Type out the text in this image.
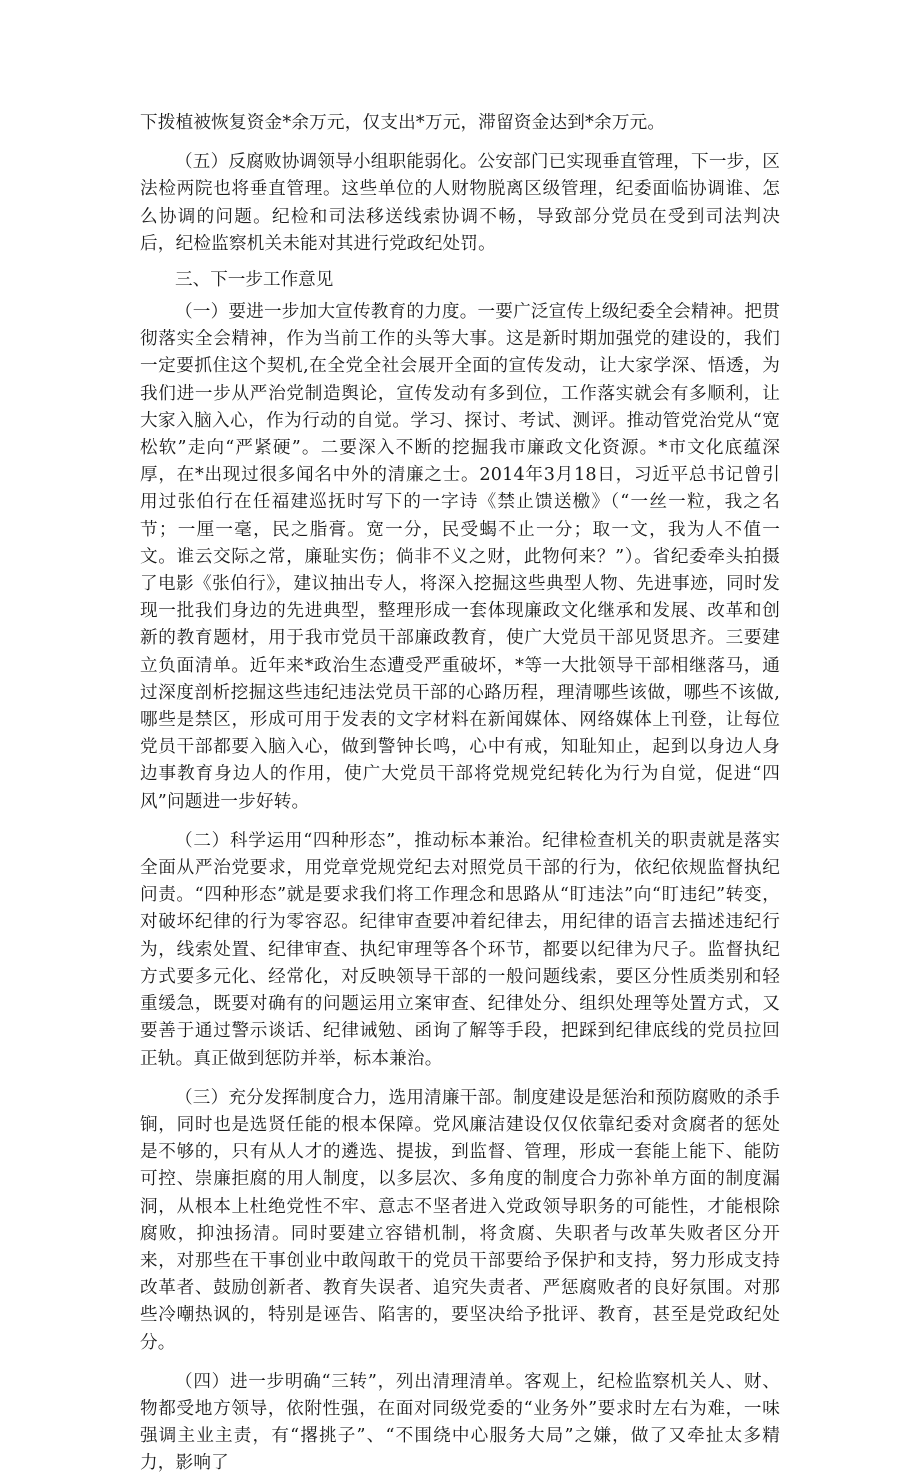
下拨植被恢复资金*余万元，仅支出*万元，滞留资金达到*余万元。

（五）反腐败协调领导小组职能弱化。公安部门已实现垂直管理，下一步，区法检两院也将垂直管理。这些单位的人财物脱离区级管理，纪委面临协调谁、怎么协调的问题。纪检和司法移送线索协调不畅，导致部分党员在受到司法判决后，纪检监察机关未能对其进行党政纪处罚。

三、下一步工作意见

（一）要进一步加大宣传教育的力度。一要广泛宣传上级纪委全会精神。把贯彻落实全会精神，作为当前工作的头等大事。这是新时期加强党的建设的，我们一定要抓住这个契机,在全党全社会展开全面的宣传发动，让大家学深、悟透，为我们进一步从严治党制造舆论，宣传发动有多到位，工作落实就会有多顺利，让大家入脑入心，作为行动的自觉。学习、探讨、考试、测评。推动管党治党从“宽松软”走向“严紧硬”。二要深入不断的挖掘我市廉政文化资源。*市文化底蕴深厚，在*出现过很多闻名中外的清廉之士。2014年3月18日，习近平总书记曾引用过张伯行在任福建巡抚时写下的一字诗《禁止馈送檄》（“一丝一粒，我之名节；一厘一毫，民之脂膏。宽一分，民受蝎不止一分；取一文，我为人不值一文。谁云交际之常，廉耻实伤；倘非不义之财，此物何来？”）。省纪委牵头拍摄了电影《张伯行》，建议抽出专人，将深入挖掘这些典型人物、先进事迹，同时发现一批我们身边的先进典型，整理形成一套体现廉政文化继承和发展、改革和创新的教育题材，用于我市党员干部廉政教育，使广大党员干部见贤思齐。三要建立负面清单。近年来*政治生态遭受严重破坏，*等一大批领导干部相继落马，通过深度剖析挖掘这些违纪违法党员干部的心路历程，理清哪些该做，哪些不该做,哪些是禁区，形成可用于发表的文字材料在新闻媒体、网络媒体上刊登，让每位党员干部都要入脑入心，做到警钟长鸣，心中有戒，知耻知止，起到以身边人身边事教育身边人的作用，使广大党员干部将党规党纪转化为行为自觉，促进“四风”问题进一步好转。

（二）科学运用“四种形态”，推动标本兼治。纪律检查机关的职责就是落实全面从严治党要求，用党章党规党纪去对照党员干部的行为，依纪依规监督执纪问责。“四种形态”就是要求我们将工作理念和思路从“盯违法”向“盯违纪”转变，对破坏纪律的行为零容忍。纪律审查要冲着纪律去，用纪律的语言去描述违纪行为，线索处置、纪律审查、执纪审理等各个环节，都要以纪律为尺子。监督执纪方式要多元化、经常化，对反映领导干部的一般问题线索，要区分性质类别和轻重缓急，既要对确有的问题运用立案审查、纪律处分、组织处理等处置方式，又要善于通过警示谈话、纪律诫勉、函询了解等手段，把踩到纪律底线的党员拉回正轨。真正做到惩防并举，标本兼治。

（三）充分发挥制度合力，选用清廉干部。制度建设是惩治和预防腐败的杀手锏，同时也是选贤任能的根本保障。党风廉洁建设仅仅依靠纪委对贪腐者的惩处是不够的，只有从人才的遴选、提拔，到监督、管理，形成一套能上能下、能防可控、崇廉拒腐的用人制度，以多层次、多角度的制度合力弥补单方面的制度漏洞，从根本上杜绝党性不牢、意志不坚者进入党政领导职务的可能性，才能根除腐败，抑浊扬清。同时要建立容错机制，将贪腐、失职者与改革失败者区分开来，对那些在干事创业中敢闯敢干的党员干部要给予保护和支持，努力形成支持改革者、鼓励创新者、教育失误者、追究失责者、严惩腐败者的良好氛围。对那些冷嘲热讽的，特别是诬告、陷害的，要坚决给予批评、教育，甚至是党政纪处分。

（四）进一步明确“三转”，列出清理清单。客观上，纪检监察机关人、财、物都受地方领导，依附性强，在面对同级党委的“业务外”要求时左右为难，一味强调主业主责，有“撂挑子”、“不围绕中心服务大局”之嫌，做了又牵扯太多精力，影响了
